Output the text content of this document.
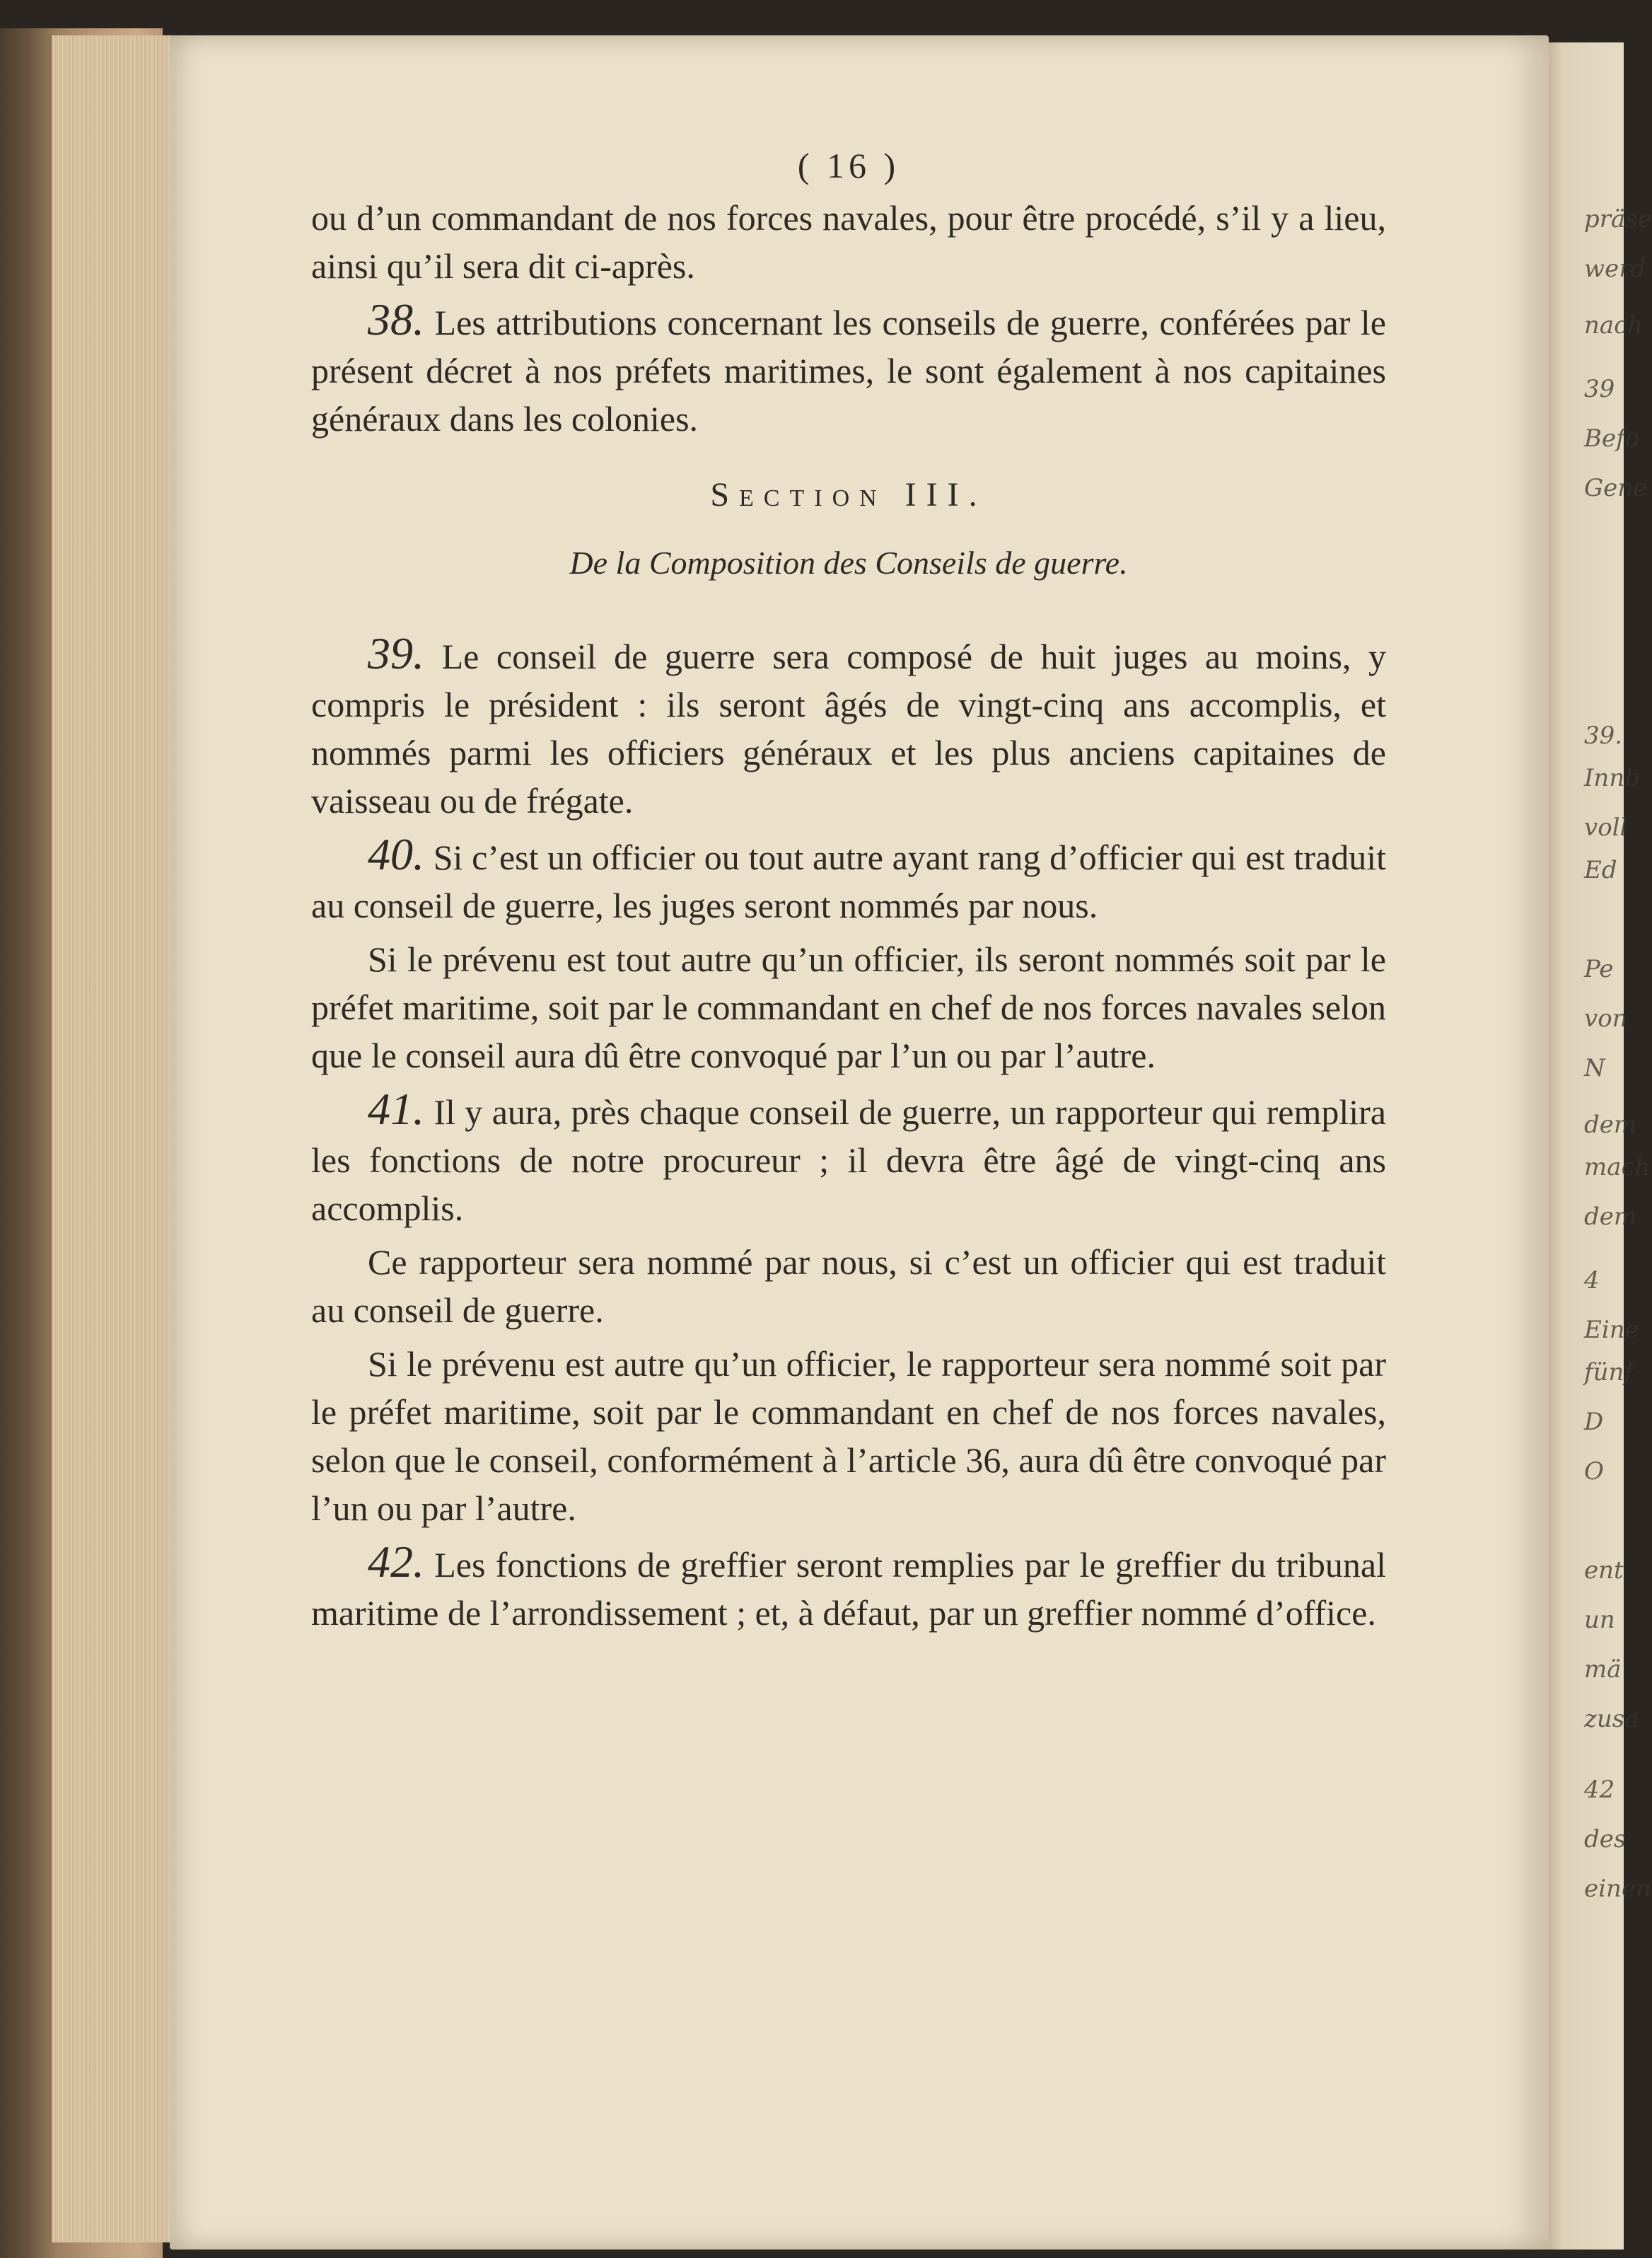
präse
werd
nach
39
Befo
Gene
39.
Innb
voll
Ed
Pe
von
N
dem
mach
dem
4
Eine
fünf
D
O
ent
un
mä
zusa
42
des
einen
( 16 )

ou d’un commandant de nos forces navales, pour être procédé, s’il y a lieu, ainsi qu’il sera dit ci-après.

38. Les attributions concernant les conseils de guerre, conférées par le présent décret à nos préfets maritimes, le sont également à nos capitaines généraux dans les colonies.

Section III.
De la Composition des Conseils de guerre.

39. Le conseil de guerre sera composé de huit juges au moins, y compris le président : ils seront âgés de vingt-cinq ans accomplis, et nommés parmi les officiers généraux et les plus anciens capitaines de vaisseau ou de frégate.

40. Si c’est un officier ou tout autre ayant rang d’officier qui est traduit au conseil de guerre, les juges seront nommés par nous.

Si le prévenu est tout autre qu’un officier, ils seront nommés soit par le préfet maritime, soit par le commandant en chef de nos forces navales selon que le conseil aura dû être convoqué par l’un ou par l’autre.

41. Il y aura, près chaque conseil de guerre, un rapporteur qui remplira les fonctions de notre procureur ; il devra être âgé de vingt-cinq ans accomplis.

Ce rapporteur sera nommé par nous, si c’est un officier qui est traduit au conseil de guerre.

Si le prévenu est autre qu’un officier, le rapporteur sera nommé soit par le préfet maritime, soit par le commandant en chef de nos forces navales, selon que le conseil, conformément à l’article 36, aura dû être convoqué par l’un ou par l’autre.

42. Les fonctions de greffier seront remplies par le greffier du tribunal maritime de l’arrondissement ; et, à défaut, par un greffier nommé d’office.
